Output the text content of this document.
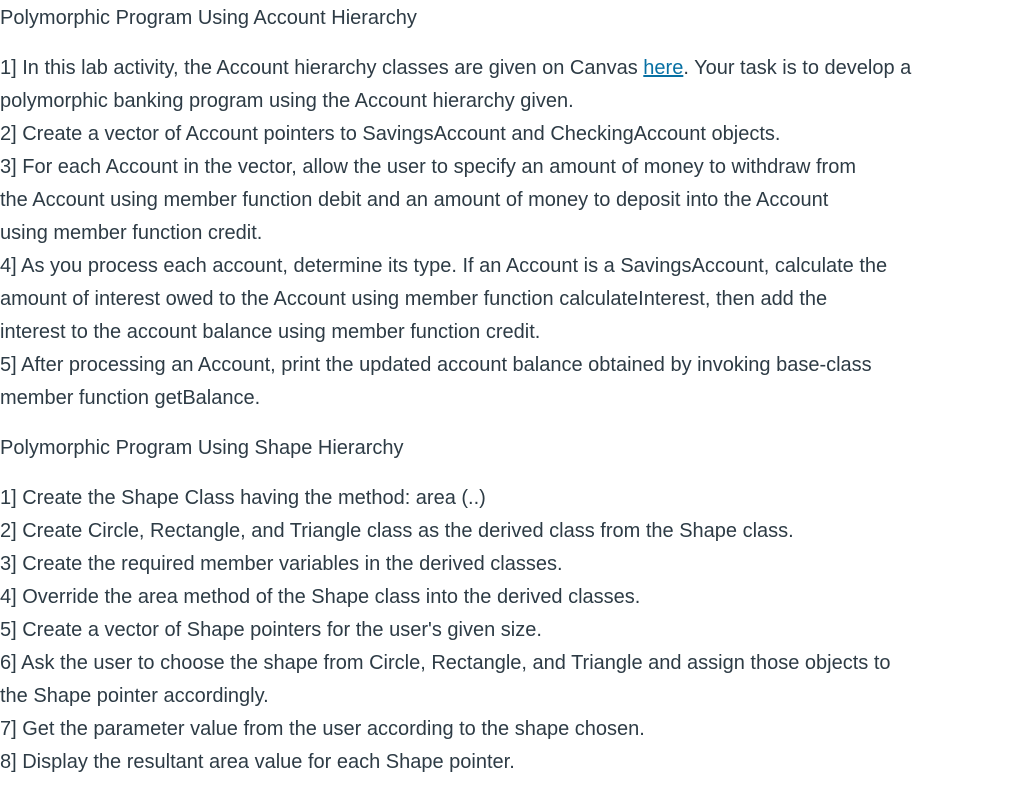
Polymorphic Program Using Account Hierarchy

1] In this lab activity, the Account hierarchy classes are given on Canvas here. Your task is to develop a

polymorphic banking program using the Account hierarchy given.

2] Create a vector of Account pointers to SavingsAccount and CheckingAccount objects.

3] For each Account in the vector, allow the user to specify an amount of money to withdraw from

the Account using member function debit and an amount of money to deposit into the Account

using member function credit.

4] As you process each account, determine its type. If an Account is a SavingsAccount, calculate the

amount of interest owed to the Account using member function calculateInterest, then add the

interest to the account balance using member function credit.

5] After processing an Account, print the updated account balance obtained by invoking base-class

member function getBalance.

Polymorphic Program Using Shape Hierarchy

1] Create the Shape Class having the method: area (..)

2] Create Circle, Rectangle, and Triangle class as the derived class from the Shape class.

3] Create the required member variables in the derived classes.

4] Override the area method of the Shape class into the derived classes.

5] Create a vector of Shape pointers for the user's given size.

6] Ask the user to choose the shape from Circle, Rectangle, and Triangle and assign those objects to

the Shape pointer accordingly.

7] Get the parameter value from the user according to the shape chosen.

8] Display the resultant area value for each Shape pointer.
